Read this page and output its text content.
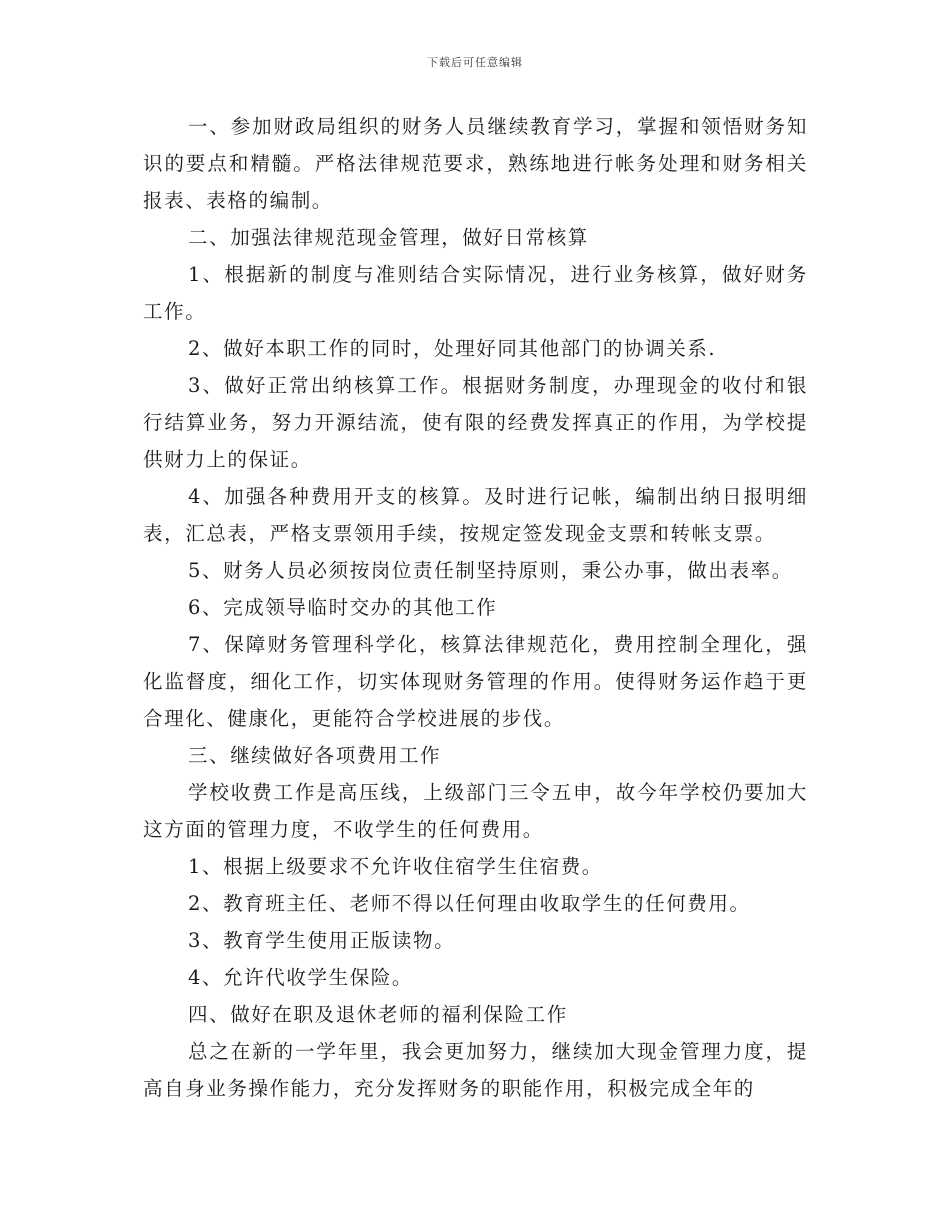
下载后可任意编辑

一、参加财政局组织的财务人员继续教育学习，掌握和领悟财务知识的要点和精髓。严格法律规范要求，熟练地进行帐务处理和财务相关报表、表格的编制。

二、加强法律规范现金管理，做好日常核算

1、根据新的制度与准则结合实际情况，进行业务核算，做好财务工作。

2、做好本职工作的同时，处理好同其他部门的协调关系.

3、做好正常出纳核算工作。根据财务制度，办理现金的收付和银行结算业务，努力开源结流，使有限的经费发挥真正的作用，为学校提供财力上的保证。

4、加强各种费用开支的核算。及时进行记帐，编制出纳日报明细表，汇总表，严格支票领用手续，按规定签发现金支票和转帐支票。

5、财务人员必须按岗位责任制坚持原则，秉公办事，做出表率。

6、完成领导临时交办的其他工作

7、保障财务管理科学化，核算法律规范化，费用控制全理化，强化监督度，细化工作，切实体现财务管理的作用。使得财务运作趋于更合理化、健康化，更能符合学校进展的步伐。

三、继续做好各项费用工作

学校收费工作是高压线，上级部门三令五申，故今年学校仍要加大这方面的管理力度，不收学生的任何费用。

1、根据上级要求不允许收住宿学生住宿费。

2、教育班主任、老师不得以任何理由收取学生的任何费用。

3、教育学生使用正版读物。

4、允许代收学生保险。

四、做好在职及退休老师的福利保险工作

总之在新的一学年里，我会更加努力，继续加大现金管理力度，提高自身业务操作能力，充分发挥财务的职能作用，积极完成全年的
